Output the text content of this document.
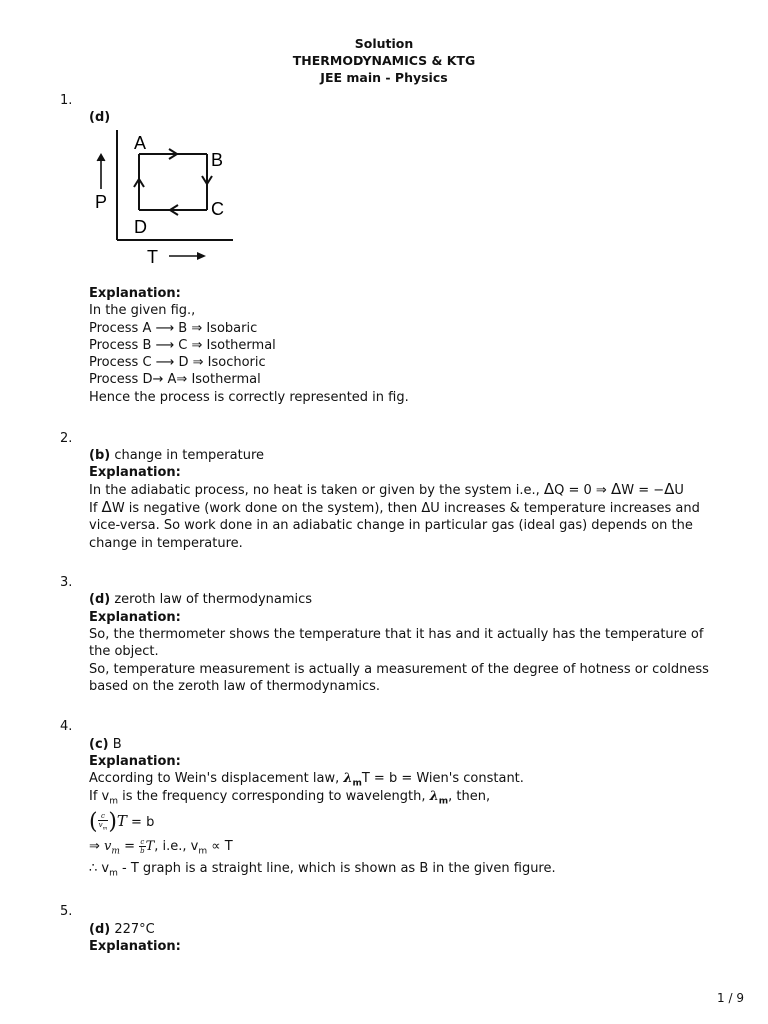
Solution
THERMODYNAMICS & KTG
JEE main - Physics
1.
(d)
A
B
C
D
P
T
Explanation:
In the given fig.,
Process A ⟶ B ⇒ Isobaric
Process B ⟶ C ⇒ Isothermal
Process C ⟶ D ⇒ Isochoric
Process D→ A⇒ Isothermal
Hence the process is correctly represented in fig.
2.
(b) change in temperature
Explanation:
In the adiabatic process, no heat is taken or given by the system i.e., ΔQ = 0 ⇒ ΔW = −ΔU
If ΔW is negative (work done on the system), then ΔU increases & temperature increases and vice-versa. So work done in an adiabatic change in particular gas (ideal gas) depends on the change in temperature.
3.
(d) zeroth law of thermodynamics
Explanation:
So, the thermometer shows the temperature that it has and it actually has the temperature of the object.
So, temperature measurement is actually a measurement of the degree of hotness or coldness based on the zeroth law of thermodynamics.
4.
(c) B
Explanation:
According to Wein's displacement law, $\lambda_mT = b$ = Wien's constant.
If $v_m$ is the frequency corresponding to wavelength, $\lambda_m$, then,
( $\frac{c}{v_m} )T = b$
⇒ $v_m = \frac{c}{b} T$, i.e., $v_m \propto T$
∴ $v_m$ - T graph is a straight line, which is shown as B in the given figure.
5.
(d) 227°C
Explanation:
1 / 9
